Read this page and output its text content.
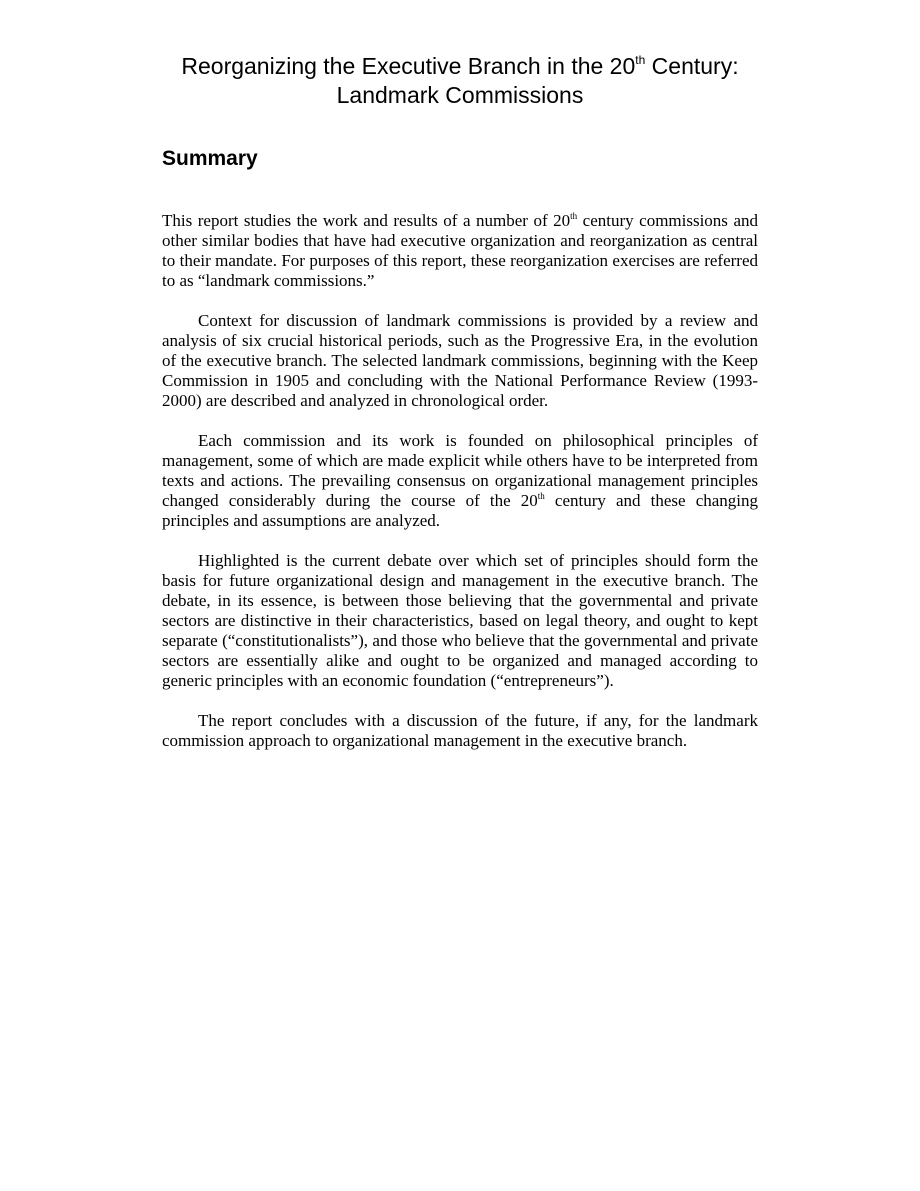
Reorganizing the Executive Branch in the 20th Century:
Landmark Commissions
Summary

This report studies the work and results of a number of 20th century commissions and other similar bodies that have had executive organization and reorganization as central to their mandate. For purposes of this report, these reorganization exercises are referred to as “landmark commissions.”

Context for discussion of landmark commissions is provided by a review and analysis of six crucial historical periods, such as the Progressive Era, in the evolution of the executive branch. The selected landmark commissions, beginning with the Keep Commission in 1905 and concluding with the National Performance Review (1993-2000) are described and analyzed in chronological order.

Each commission and its work is founded on philosophical principles of management, some of which are made explicit while others have to be interpreted from texts and actions. The prevailing consensus on organizational management principles changed considerably during the course of the 20th century and these changing principles and assumptions are analyzed.

Highlighted is the current debate over which set of principles should form the basis for future organizational design and management in the executive branch. The debate, in its essence, is between those believing that the governmental and private sectors are distinctive in their characteristics, based on legal theory, and ought to kept separate (“constitutionalists”), and those who believe that the governmental and private sectors are essentially alike and ought to be organized and managed according to generic principles with an economic foundation (“entrepreneurs”).

The report concludes with a discussion of the future, if any, for the landmark commission approach to organizational management in the executive branch.
